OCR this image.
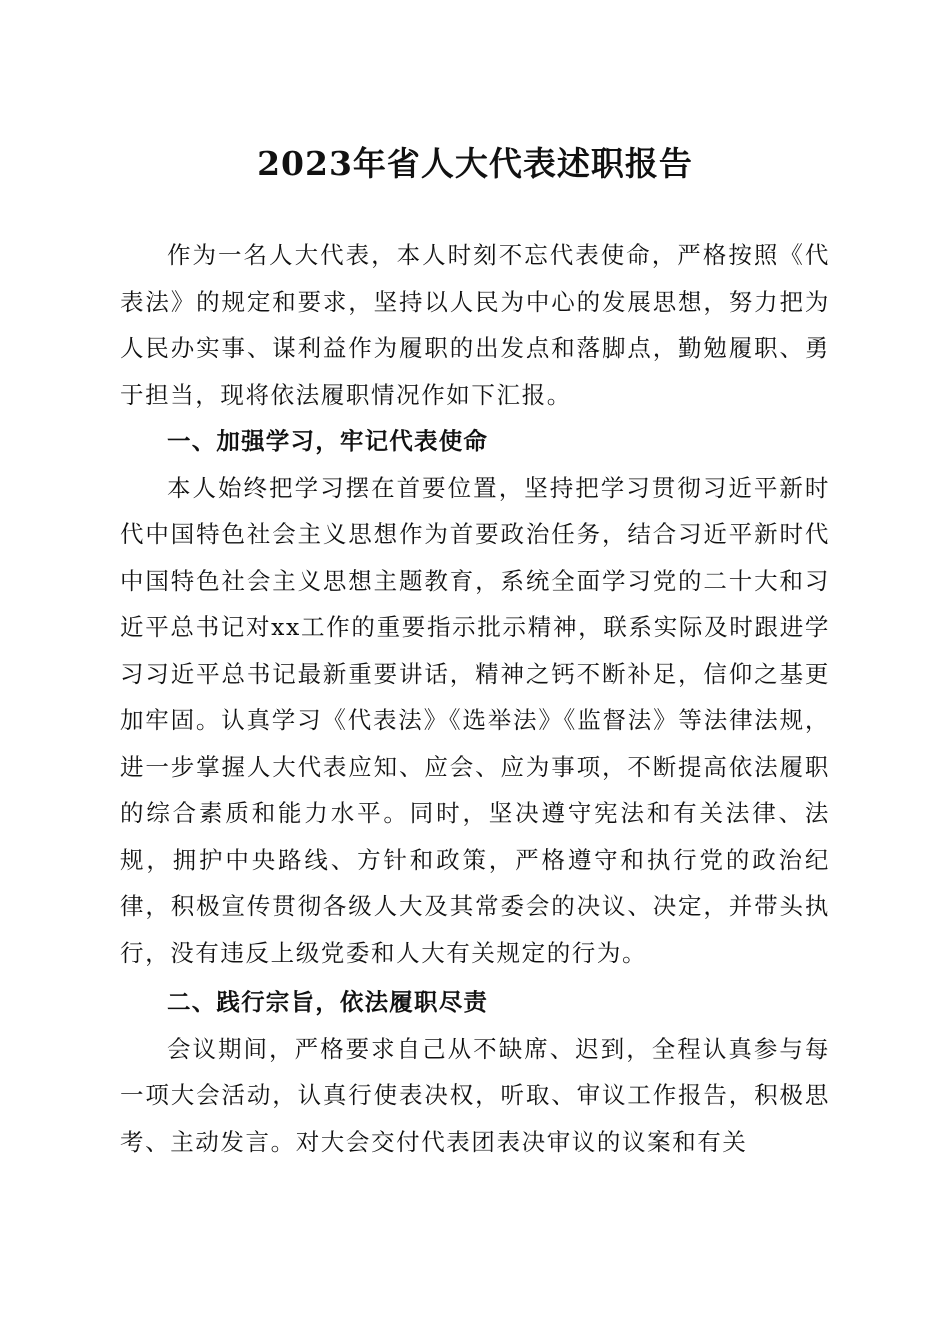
2023年省人大代表述职报告

作为一名人大代表，本人时刻不忘代表使命，严格按照《代表法》的规定和要求，坚持以人民为中心的发展思想，努力把为人民办实事、谋利益作为履职的出发点和落脚点，勤勉履职、勇于担当，现将依法履职情况作如下汇报。

一、加强学习，牢记代表使命

本人始终把学习摆在首要位置，坚持把学习贯彻习近平新时代中国特色社会主义思想作为首要政治任务，结合习近平新时代中国特色社会主义思想主题教育，系统全面学习党的二十大和习近平总书记对xx工作的重要指示批示精神，联系实际及时跟进学习习近平总书记最新重要讲话，精神之钙不断补足，信仰之基更加牢固。认真学习《代表法》《选举法》《监督法》等法律法规，进一步掌握人大代表应知、应会、应为事项，不断提高依法履职的综合素质和能力水平。同时，坚决遵守宪法和有关法律、法规，拥护中央路线、方针和政策，严格遵守和执行党的政治纪律，积极宣传贯彻各级人大及其常委会的决议、决定，并带头执行，没有违反上级党委和人大有关规定的行为。

二、践行宗旨，依法履职尽责

会议期间，严格要求自己从不缺席、迟到，全程认真参与每一项大会活动，认真行使表决权，听取、审议工作报告，积极思考、主动发言。对大会交付代表团表决审议的议案和有关
